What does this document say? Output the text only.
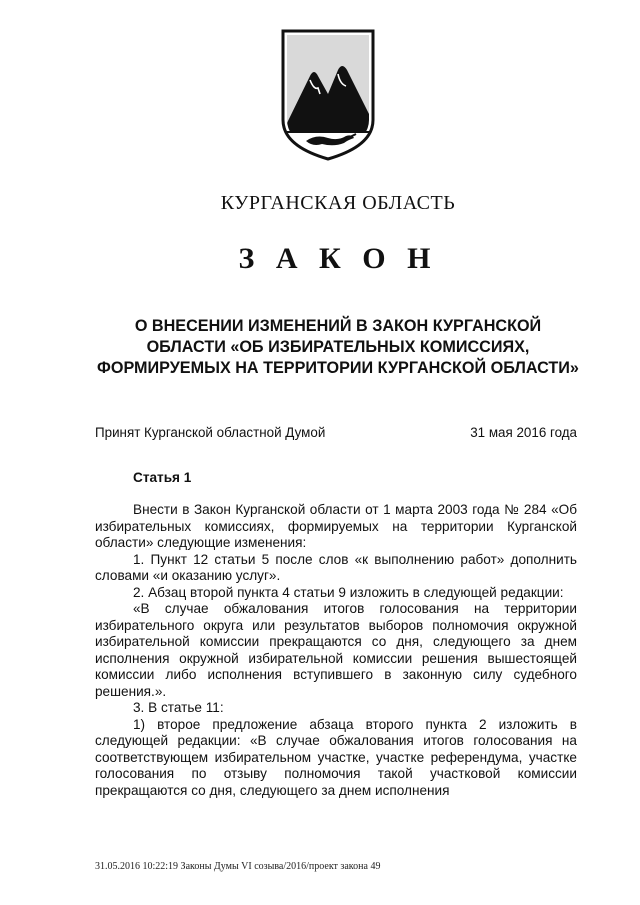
КУРГАНСКАЯ ОБЛАСТЬ
З А К О Н
О ВНЕСЕНИИ ИЗМЕНЕНИЙ В ЗАКОН КУРГАНСКОЙ ОБЛАСТИ «ОБ ИЗБИРАТЕЛЬНЫХ КОМИССИЯХ, ФОРМИРУЕМЫХ НА ТЕРРИТОРИИ КУРГАНСКОЙ ОБЛАСТИ»
Принят Курганской областной Думой	31 мая 2016 года
Статья 1

Внести в Закон Курганской области от 1 марта 2003 года № 284 «Об избирательных комиссиях, формируемых на территории Курганской области» следующие изменения:

1. Пункт 12 статьи 5 после слов «к выполнению работ» дополнить словами «и оказанию услуг».

2. Абзац второй пункта 4 статьи 9 изложить в следующей редакции:

«В случае обжалования итогов голосования на территории избирательного округа или результатов выборов полномочия окружной избирательной комиссии прекращаются со дня, следующего за днем исполнения окружной избирательной комиссии решения вышестоящей комиссии либо исполнения вступившего в законную силу судебного решения.».

3. В статье 11:

1) второе предложение абзаца второго пункта 2 изложить в следующей редакции: «В случае обжалования итогов голосования на соответствующем избирательном участке, участке референдума, участке голосования по отзыву полномочия такой участковой комиссии прекращаются со дня, следующего за днем исполнения

31.05.2016 10:22:19 Законы Думы VI созыва/2016/проект закона 49
